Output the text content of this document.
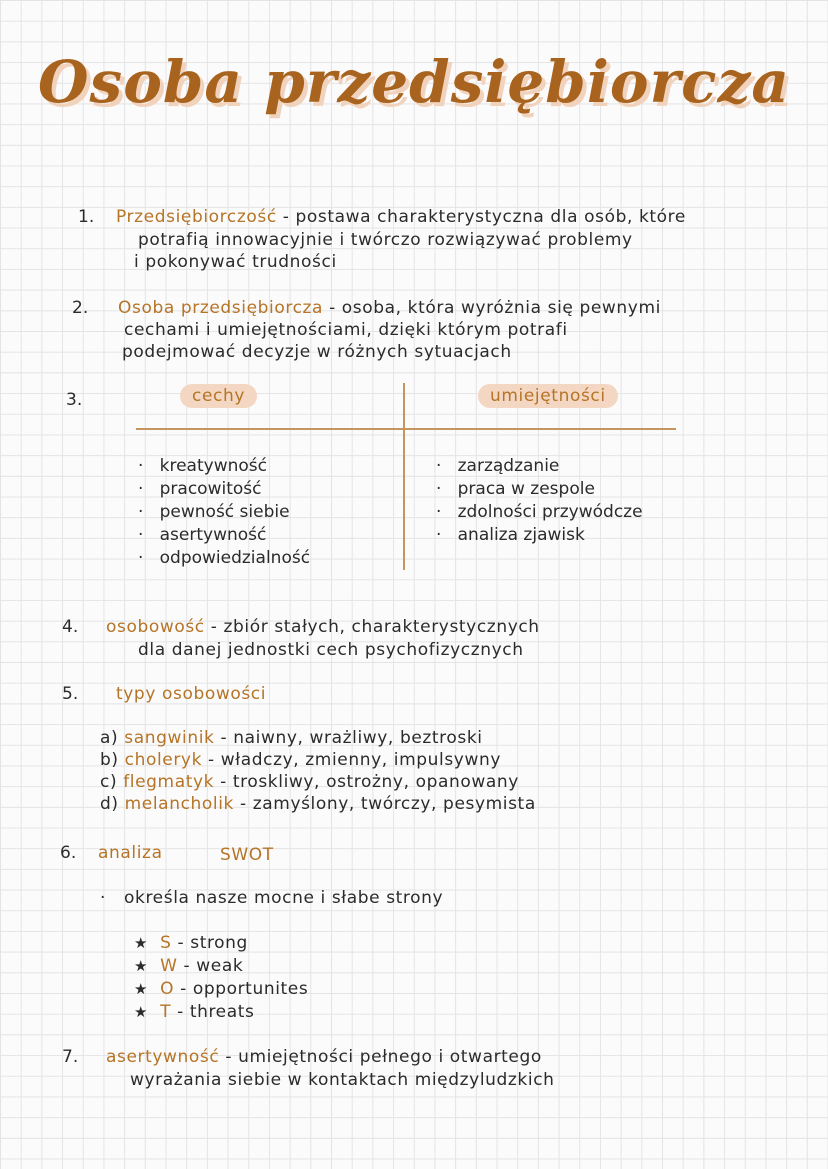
Osoba przedsiębiorcza
1. Przedsiębiorczość - postawa charakterystyczna dla osób, które
potrafią innowacyjnie i twórczo rozwiązywać problemy
i pokonywać trudności
2. Osoba przedsiębiorcza - osoba, która wyróżnia się pewnymi
cechami i umiejętnościami, dzięki którym potrafi
podejmować decyzje w różnych sytuacjach
3.	cechy	umiejętności
·   kreatywność
·   pracowitość
·   pewność siebie
·   asertywność
·   odpowiedzialność
·   zarządzanie
·   praca w zespole
·   zdolności przywódcze
·   analiza zjawisk
4. osobowość - zbiór stałych, charakterystycznych
dla danej jednostki cech psychofizycznych
5. typy osobowości
a) sangwinik - naiwny, wrażliwy, beztroski
b) choleryk - władczy, zmienny, impulsywny
c) flegmatyk - troskliwy, ostrożny, opanowany
d) melancholik - zamyślony, twórczy, pesymista
6. analiza	SWOT
·   określa nasze mocne i słabe strony
★ S - strong
★ W - weak
★ O - opportunites
★ T - threats
7. asertywność - umiejętności pełnego i otwartego
wyrażania siebie w kontaktach międzyludzkich
